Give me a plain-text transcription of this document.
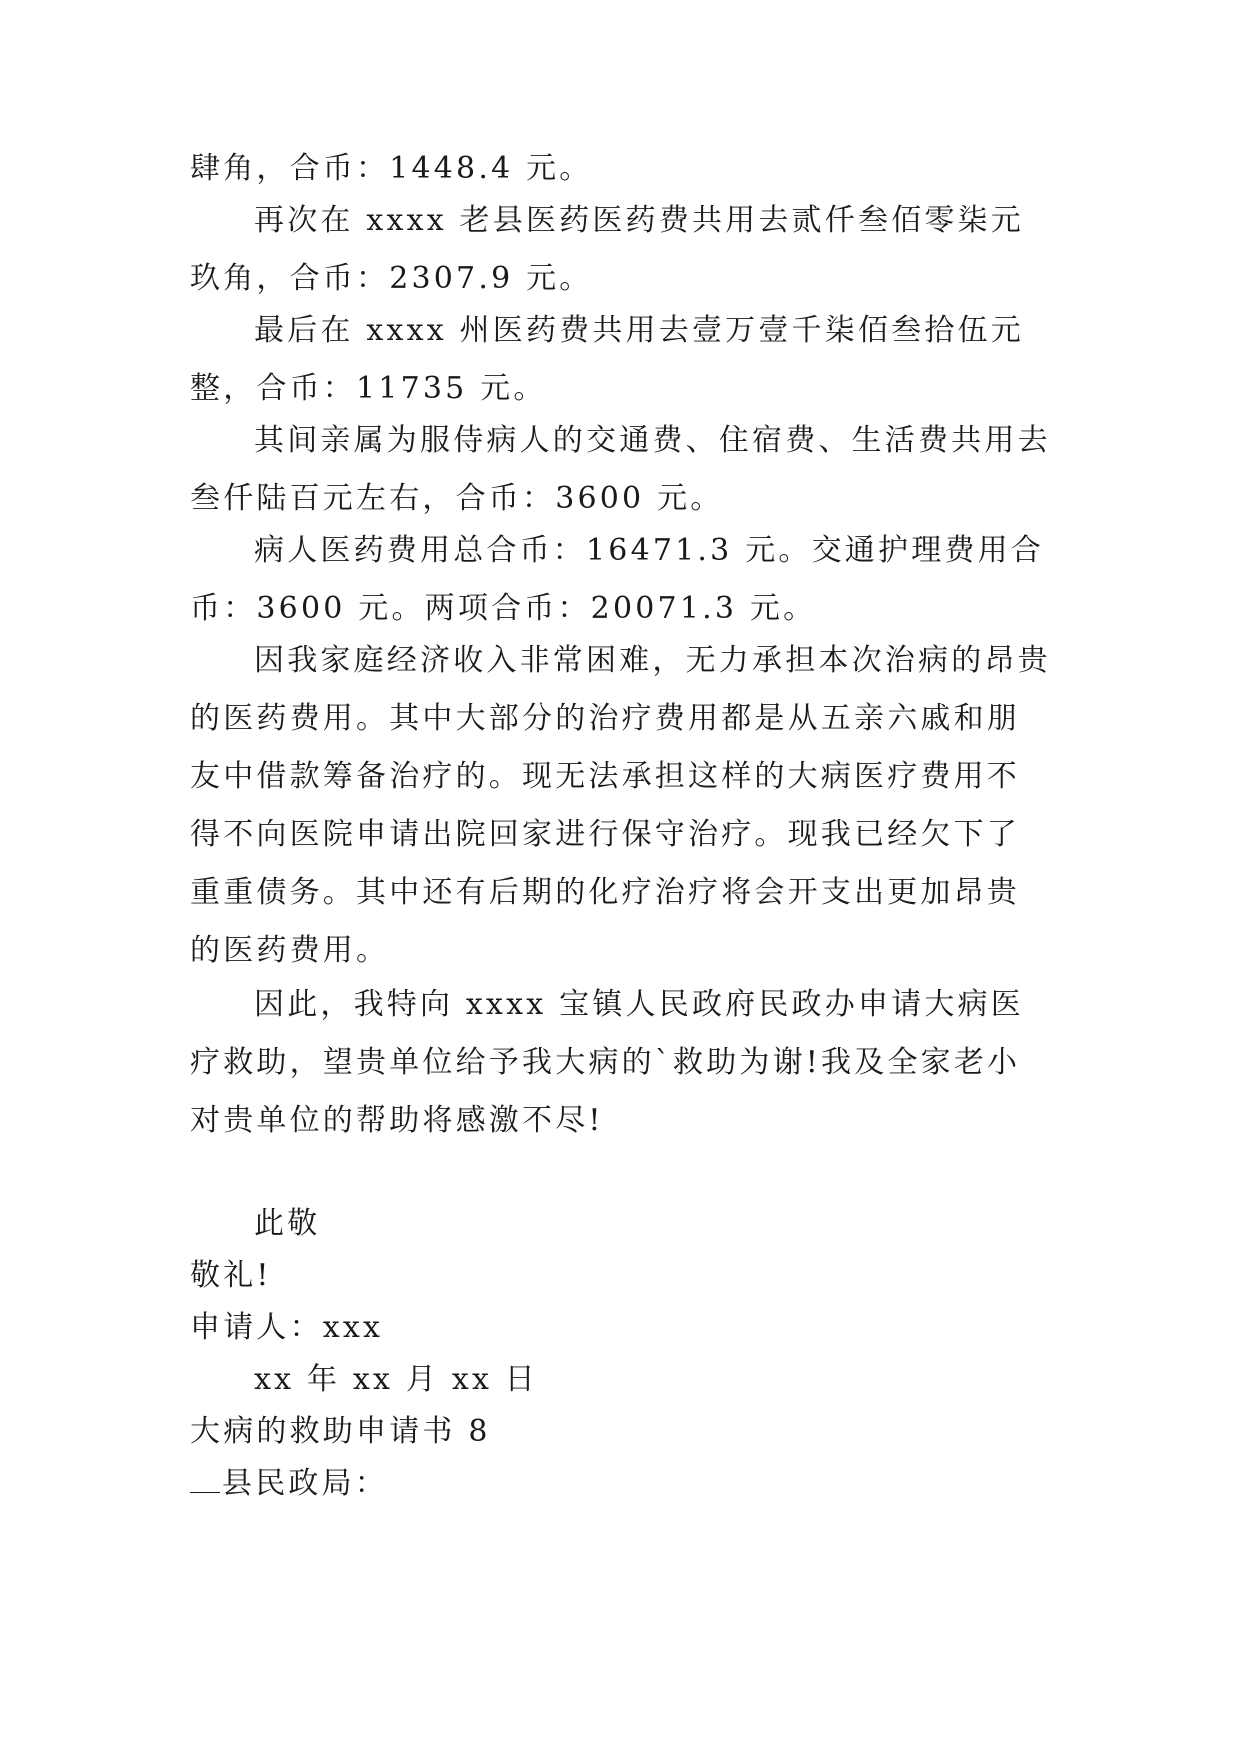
肆角，合币：1448.4 元。
再次在 xxxx 老县医药医药费共用去贰仟叁佰零柒元玖角，合币：2307.9 元。
最后在 xxxx 州医药费共用去壹万壹千柒佰叁拾伍元整，合币：11735 元。
其间亲属为服侍病人的交通费、住宿费、生活费共用去叁仟陆百元左右，合币：3600 元。
病人医药费用总合币：16471.3 元。交通护理费用合币：3600 元。两项合币：20071.3 元。
因我家庭经济收入非常困难，无力承担本次治病的昂贵的医药费用。其中大部分的治疗费用都是从五亲六戚和朋友中借款筹备治疗的。现无法承担这样的大病医疗费用不得不向医院申请出院回家进行保守治疗。现我已经欠下了重重债务。其中还有后期的化疗治疗将会开支出更加昂贵的医药费用。
因此，我特向 xxxx 宝镇人民政府民政办申请大病医疗救助，望贵单位给予我大病的`救助为谢!我及全家老小对贵单位的帮助将感激不尽!
此敬
敬礼!
申请人：xxx
xx 年 xx 月 xx 日
大病的救助申请书 8
县民政局：
